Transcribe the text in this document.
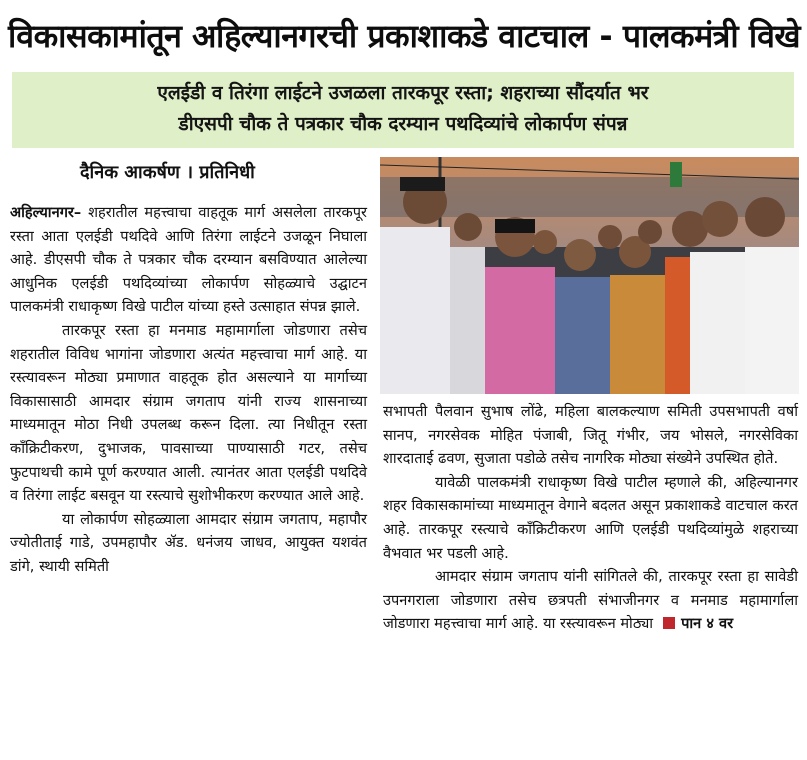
विकासकामांतून अहिल्यानगरची प्रकाशाकडे वाटचाल - पालकमंत्री विखे
एलईडी व तिरंगा लाईटने उजळला तारकपूर रस्ता; शहराच्या सौंदर्यात भर
डीएसपी चौक ते पत्रकार चौक दरम्यान पथदिव्यांचे लोकार्पण संपन्न
दैनिक आकर्षण । प्रतिनिधी

अहिल्यानगर– शहरातील महत्त्वाचा वाहतूक मार्ग असलेला तारकपूर रस्ता आता एलईडी पथदिवे आणि तिरंगा लाईटने उजळून निघाला आहे. डीएसपी चौक ते पत्रकार चौक दरम्यान बसविण्यात आलेल्या आधुनिक एलईडी पथदिव्यांच्या लोकार्पण सोहळ्याचे उद्घाटन पालकमंत्री राधाकृष्ण विखे पाटील यांच्या हस्ते उत्साहात संपन्न झाले.

तारकपूर रस्ता हा मनमाड महामार्गाला जोडणारा तसेच शहरातील विविध भागांना जोडणारा अत्यंत महत्त्वाचा मार्ग आहे. या रस्त्यावरून मोठ्या प्रमाणात वाहतूक होत असल्याने या मार्गाच्या विकासासाठी आमदार संग्राम जगताप यांनी राज्य शासनाच्या माध्यमातून मोठा निधी उपलब्ध करून दिला. त्या निधीतून रस्ता काँक्रिटीकरण, दुभाजक, पावसाच्या पाण्यासाठी गटर, तसेच फुटपाथची कामे पूर्ण करण्यात आली. त्यानंतर आता एलईडी पथदिवे व तिरंगा लाईट बसवून या रस्त्याचे सुशोभीकरण करण्यात आले आहे.

या लोकार्पण सोहळ्याला आमदार संग्राम जगताप, महापौर ज्योतीताई गाडे, उपमहापौर ॲड. धनंजय जाधव, आयुक्त यशवंत डांगे, स्थायी समिती

सभापती पैलवान सुभाष लोंढे, महिला बालकल्याण समिती उपसभापती वर्षा सानप, नगरसेवक मोहित पंजाबी, जितू गंभीर, जय भोसले, नगरसेविका शारदाताई ढवण, सुजाता पडोळे तसेच नागरिक मोठ्या संख्येने उपस्थित होते.

यावेळी पालकमंत्री राधाकृष्ण विखे पाटील म्हणाले की, अहिल्यानगर शहर विकासकामांच्या माध्यमातून वेगाने बदलत असून प्रकाशाकडे वाटचाल करत आहे. तारकपूर रस्त्याचे काँक्रिटीकरण आणि एलईडी पथदिव्यांमुळे शहराच्या वैभवात भर पडली आहे.

आमदार संग्राम जगताप यांनी सांगितले की, तारकपूर रस्ता हा सावेडी उपनगराला जोडणारा तसेच छत्रपती संभाजीनगर व मनमाड महामार्गाला जोडणारा महत्त्वाचा मार्ग आहे. या रस्त्यावरून मोठ्या पान ४ वर
